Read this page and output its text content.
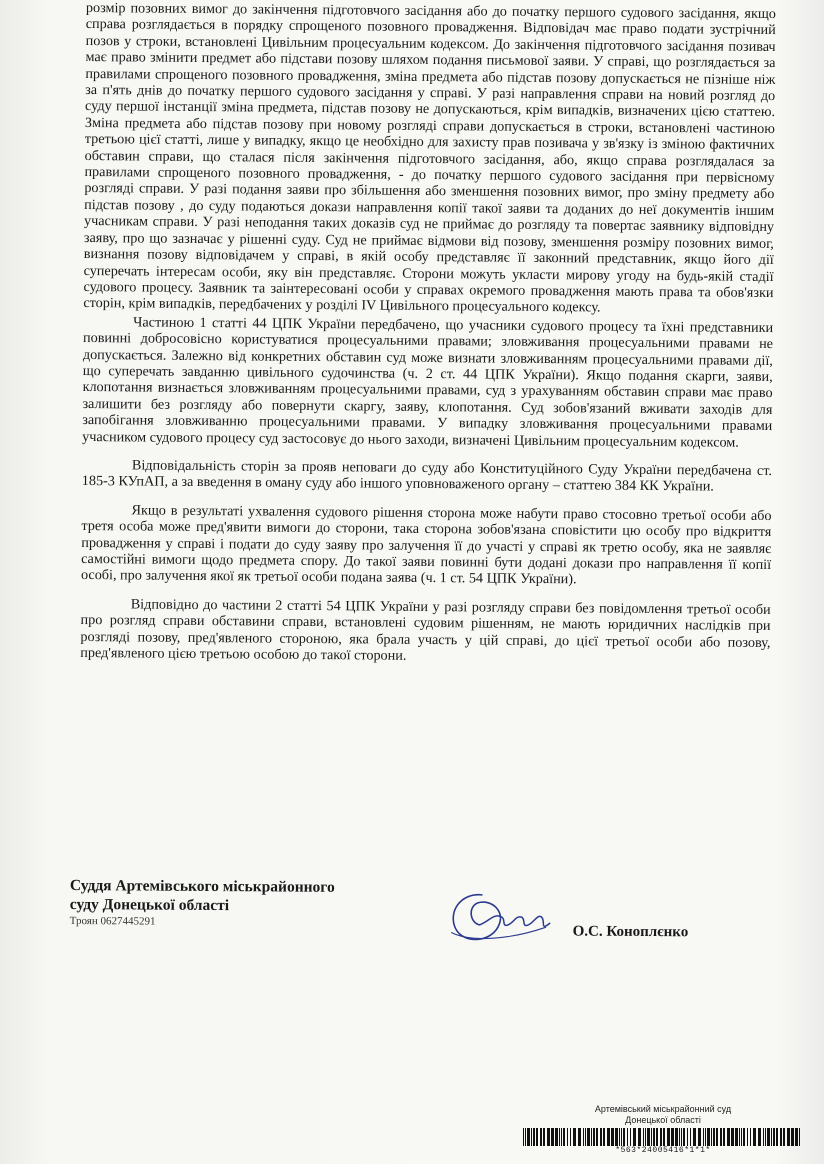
розмір позовних вимог до закінчення підготовчого засідання або до початку першого судового засідання, якщо справа розглядається в порядку спрощеного позовного провадження. Відповідач має право подати зустрічний позов у строки, встановлені Цивільним процесуальним кодексом. До закінчення підготовчого засідання позивач має право змінити предмет або підстави позову шляхом подання письмової заяви. У справі, що розглядається за правилами спрощеного позовного провадження, зміна предмета або підстав позову допускається не пізніше ніж за п'ять днів до початку першого судового засідання у справі. У разі направлення справи на новий розгляд до суду першої інстанції зміна предмета, підстав позову не допускаються, крім випадків, визначених цією статтею. Зміна предмета або підстав позову при новому розгляді справи допускається в строки, встановлені частиною третьою цієї статті, лише у випадку, якщо це необхідно для захисту прав позивача у зв'язку із зміною фактичних обставин справи, що сталася після закінчення підготовчого засідання, або, якщо справа розглядалася за правилами спрощеного позовного провадження, - до початку першого судового засідання при первісному розгляді справи. У разі подання заяви про збільшення або зменшення позовних вимог, про зміну предмету або підстав позову , до суду подаються докази направлення копії такої заяви та доданих до неї документів іншим учасникам справи. У разі неподання таких доказів суд не приймає до розгляду та повертає заявнику відповідну заяву, про що зазначає у рішенні суду. Суд не приймає відмови від позову, зменшення розміру позовних вимог, визнання позову відповідачем у справі, в якій особу представляє її законний представник, якщо його дії суперечать інтересам особи, яку він представляє. Сторони можуть укласти мирову угоду на будь-якій стадії судового процесу. Заявник та заінтересовані особи у справах окремого провадження мають права та обов'язки сторін, крім випадків, передбачених у розділі IV Цивільного процесуального кодексу.

Частиною 1 статті 44 ЦПК України передбачено, що учасники судового процесу та їхні представники повинні добросовісно користуватися процесуальними правами; зловживання процесуальними правами не допускається. Залежно від конкретних обставин суд може визнати зловживанням процесуальними правами дії, що суперечать завданню цивільного судочинства (ч. 2 ст. 44 ЦПК України). Якщо подання скарги, заяви, клопотання визнається зловживанням процесуальними правами, суд з урахуванням обставин справи має право залишити без розгляду або повернути скаргу, заяву, клопотання. Суд зобов'язаний вживати заходів для запобігання зловживанню процесуальними правами. У випадку зловживання процесуальними правами учасником судового процесу суд застосовує до нього заходи, визначені Цивільним процесуальним кодексом.

Відповідальність сторін за прояв неповаги до суду або Конституційного Суду України передбачена ст. 185-3 КУпАП, а за введення в оману суду або іншого уповноваженого органу – статтею 384 КК України.

Якщо в результаті ухвалення судового рішення сторона може набути право стосовно третьої особи або третя особа може пред'явити вимоги до сторони, така сторона зобов'язана сповістити цю особу про відкриття провадження у справі і подати до суду заяву про залучення її до участі у справі як третю особу, яка не заявляє самостійні вимоги щодо предмета спору. До такої заяви повинні бути додані докази про направлення її копії особі, про залучення якої як третьої особи подана заява (ч. 1 ст. 54 ЦПК України).

Відповідно до частини 2 статті 54 ЦПК України у разі розгляду справи без повідомлення третьої особи про розгляд справи обставини справи, встановлені судовим рішенням, не мають юридичних наслідків при розгляді позову, пред'явленого стороною, яка брала участь у цій справі, до цієї третьої особи або позову, пред'явленого цією третьою особою до такої сторони.

Суддя Артемівського міськрайонного
суду Донецької області
Троян 0627445291
О.С. Коноплєнко
Артемівський міськрайонний суд
Донецької області
*563*24005416*1*1*
